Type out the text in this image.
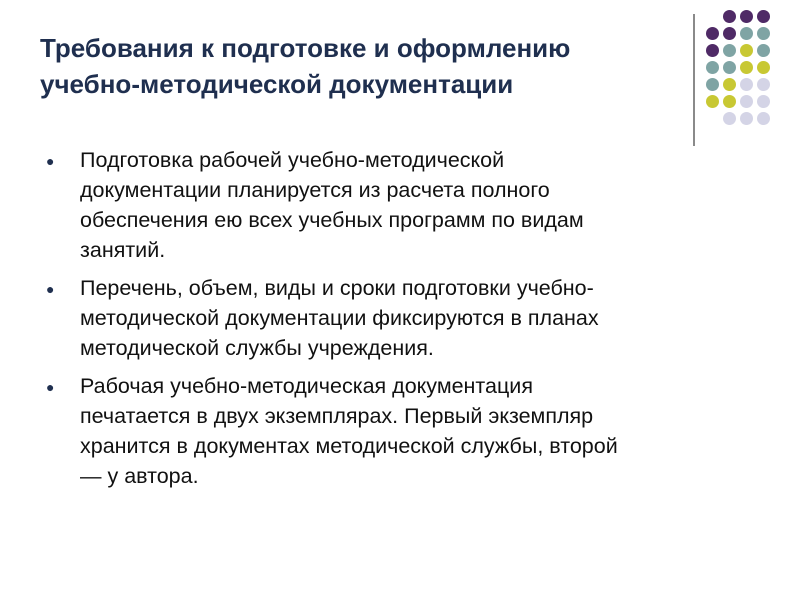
Требования к подготовке и оформлению
учебно-методической документации
● Подготовка рабочей учебно-методической
документации планируется из расчета полного
обеспечения ею всех учебных программ по видам
занятий.
● Перечень, объем, виды и сроки подготовки учебно-
методической документации фиксируются в планах
методической службы учреждения.
● Рабочая учебно-методическая документация
печатается в двух экземплярах. Первый экземпляр
хранится в документах методической службы, второй
— у автора.
